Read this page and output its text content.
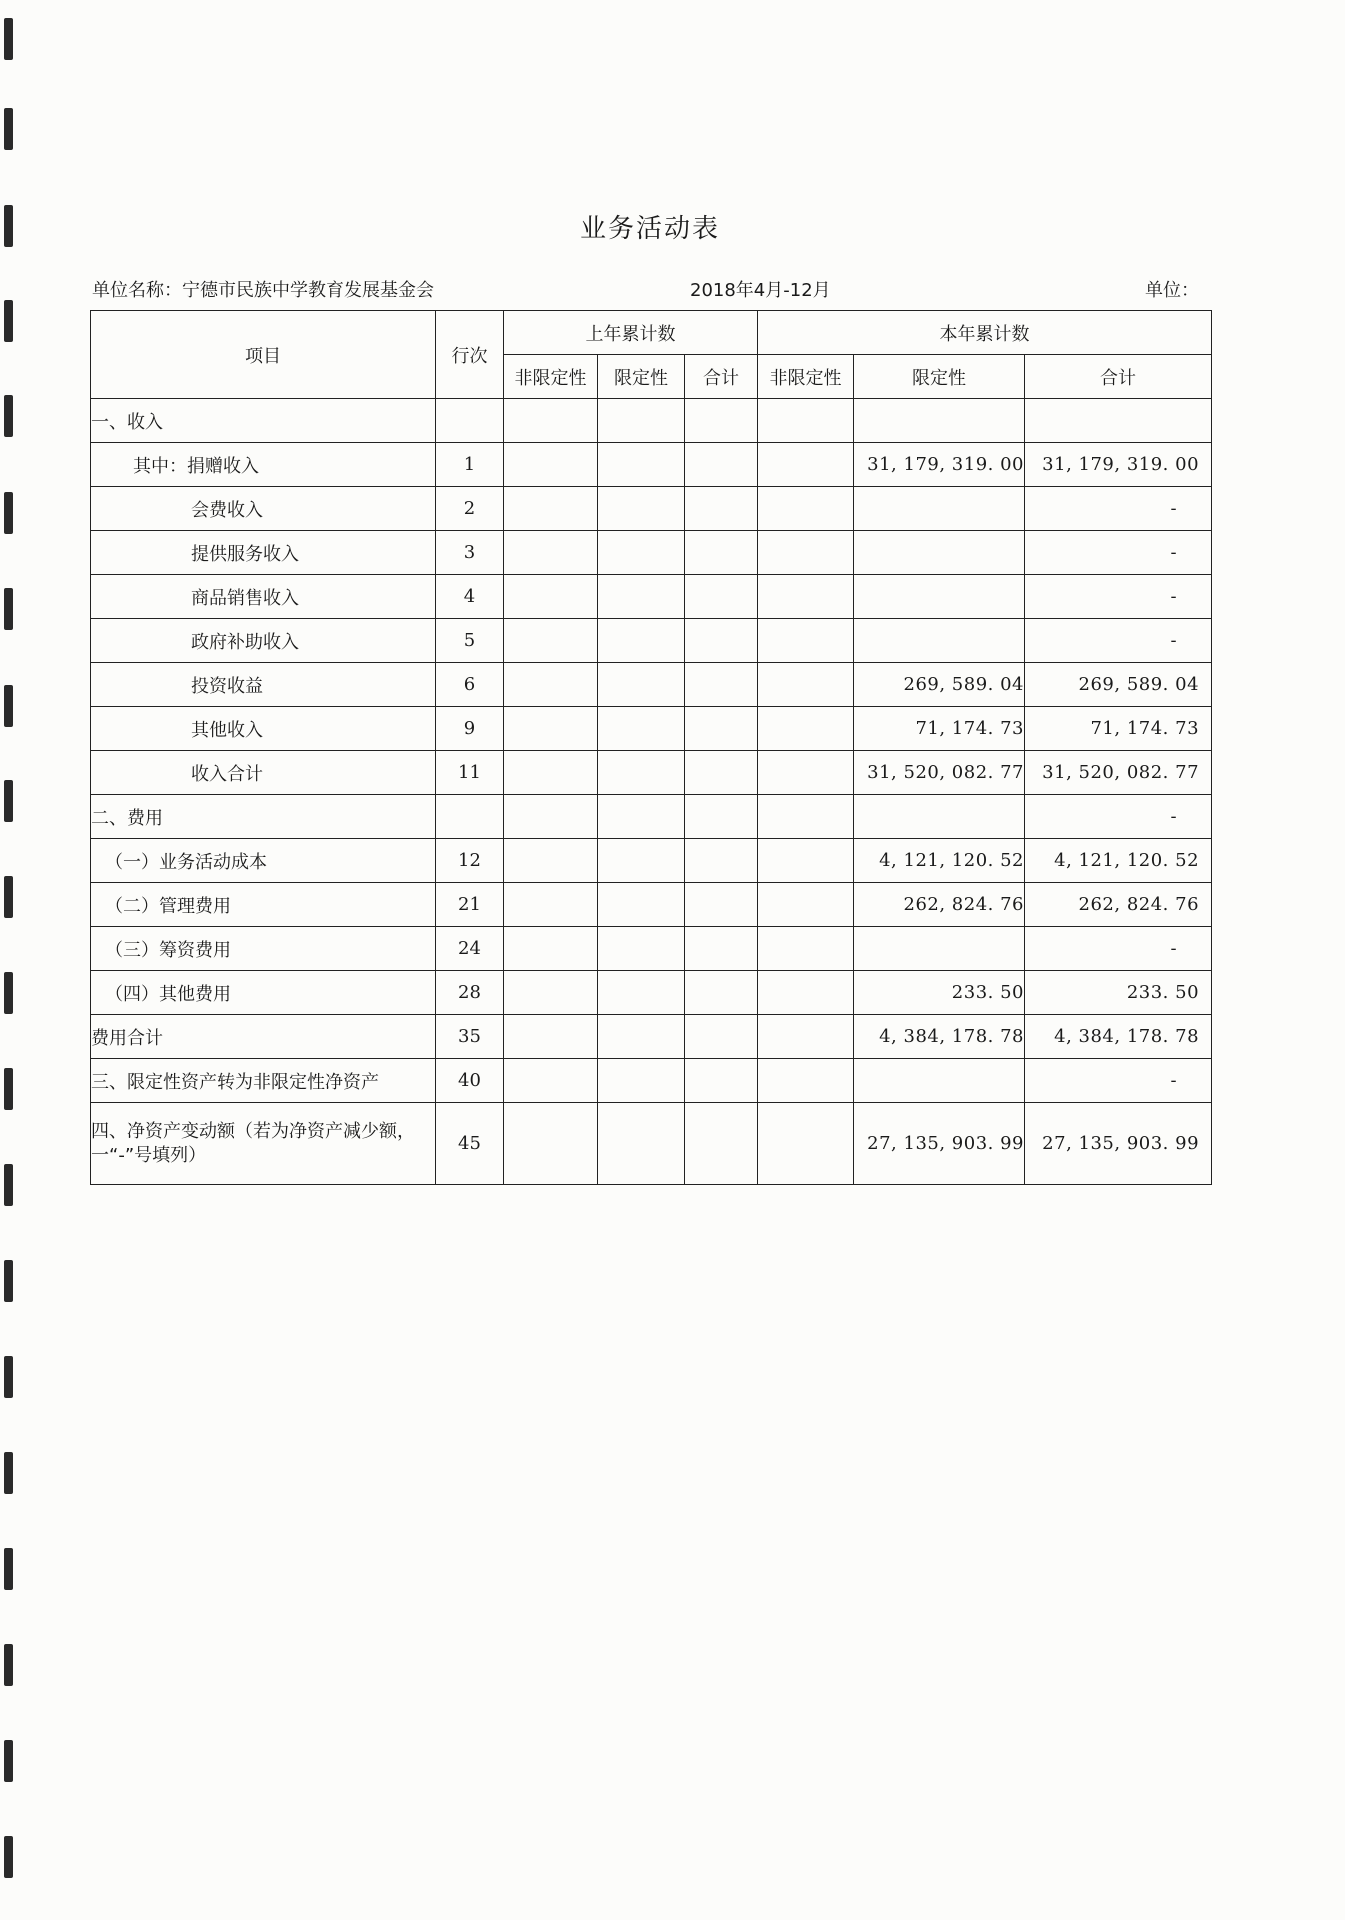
业务活动表
单位名称：宁德市民族中学教育发展基金会	2018年4月-12月	单位：
项目	行次	上年累计数			本年累计数		
		非限定性	限定性	合计	非限定性	限定性	合计
一、收入							
其中：捐赠收入	1					31, 179, 319. 00	31, 179, 319. 00
会费收入	2						-
提供服务收入	3						-
商品销售收入	4						-
政府补助收入	5						-
投资收益	6					269, 589. 04	269, 589. 04
其他收入	9					71, 174. 73	71, 174. 73
收入合计	11					31, 520, 082. 77	31, 520, 082. 77
二、费用							-
（一）业务活动成本	12					4, 121, 120. 52	4, 121, 120. 52
（二）管理费用	21					262, 824. 76	262, 824. 76
（三）筹资费用	24						-
（四）其他费用	28					233. 50	233. 50
费用合计	35					4, 384, 178. 78	4, 384, 178. 78
三、限定性资产转为非限定性净资产	40						-
四、净资产变动额（若为净资产减少额，一“-”号填列）	45					27, 135, 903. 99	27, 135, 903. 99
